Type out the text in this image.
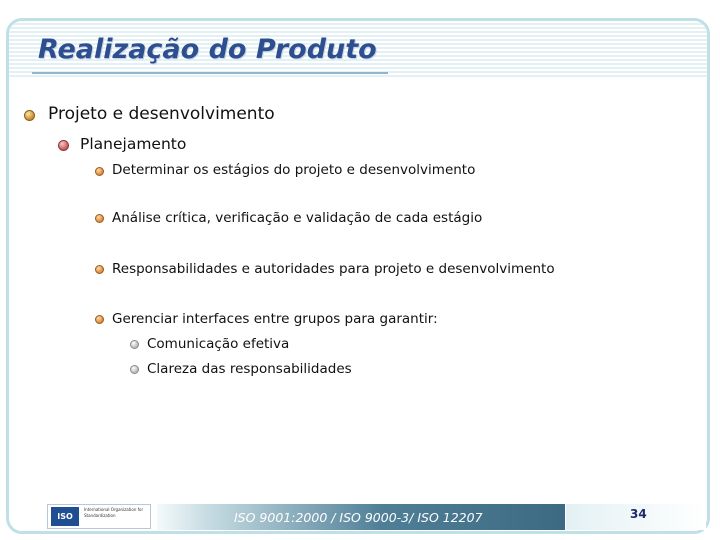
Realização do Produto
Projeto e desenvolvimento
Planejamento
Determinar os estágios do projeto e desenvolvimento
Análise crítica, verificação e validação de cada estágio
Responsabilidades e autoridades para projeto e desenvolvimento
Gerenciar interfaces entre grupos para garantir:
Comunicação efetiva
Clareza das responsabilidades
ISO
International Organization for Standardization	ISO 9001:2000 / ISO 9000-3/ ISO 12207	34
